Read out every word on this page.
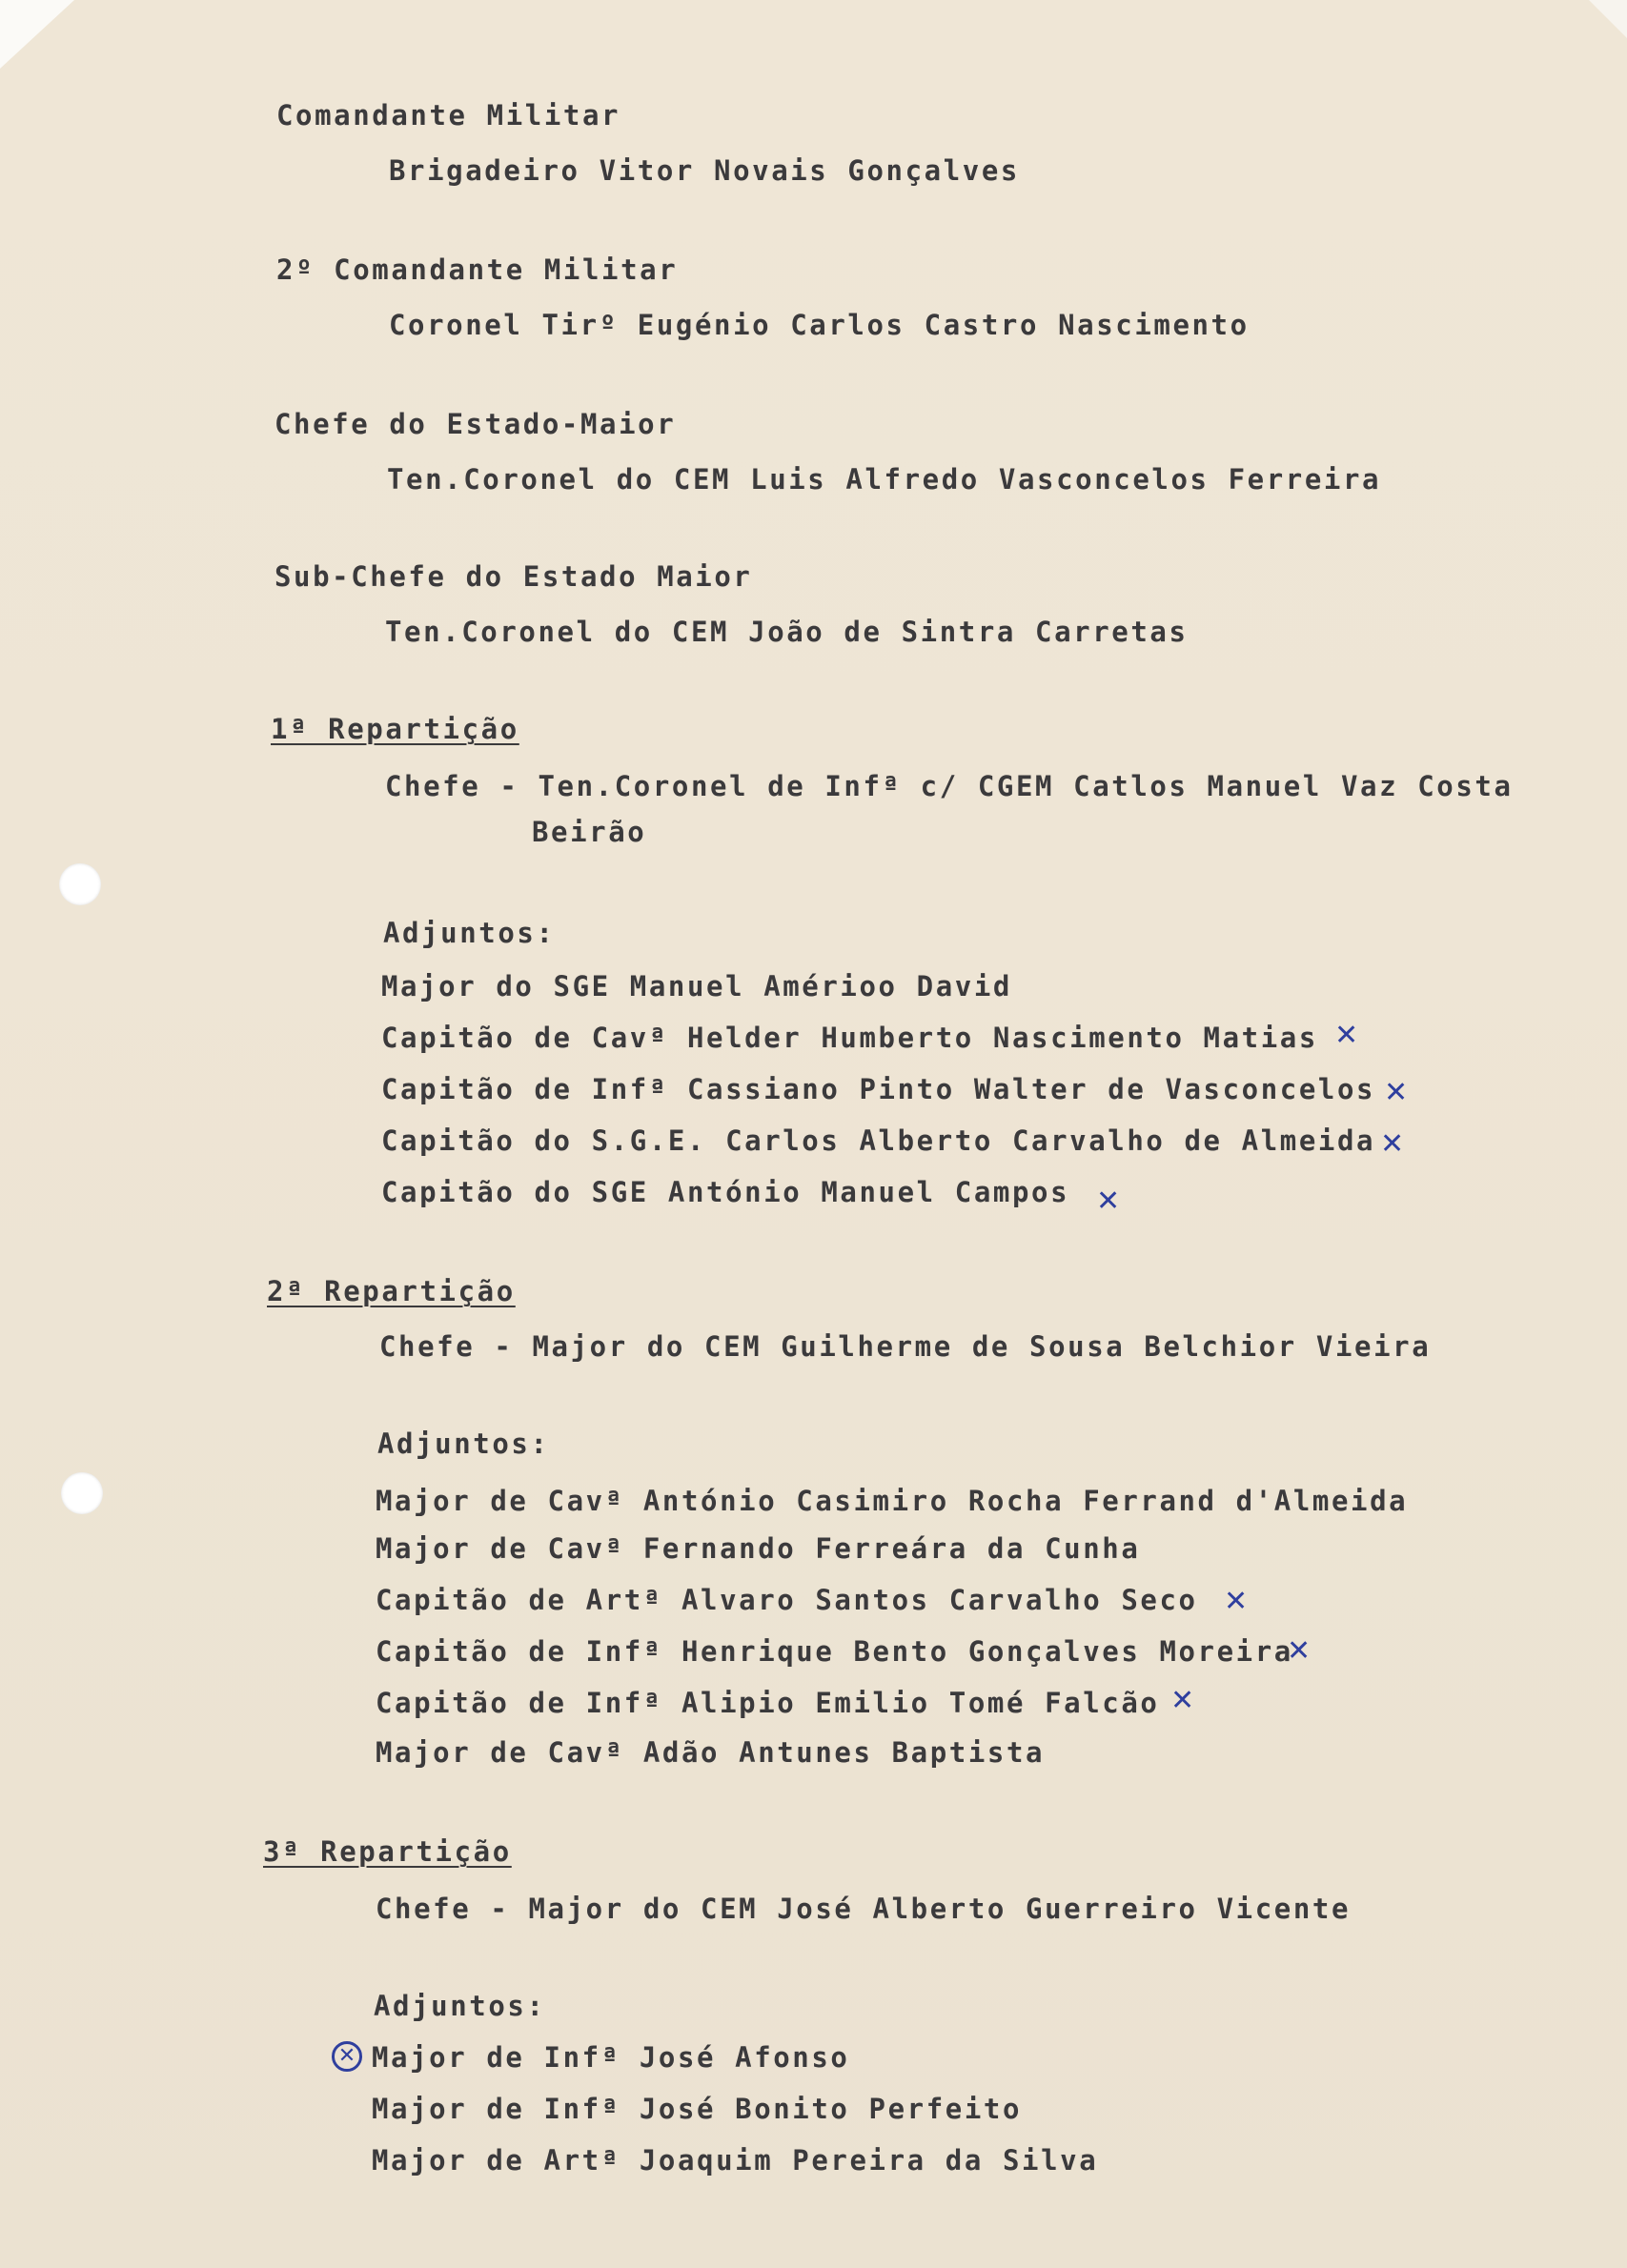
Comandante Militar
Brigadeiro Vitor Novais Gonçalves
2º Comandante Militar
Coronel Tirº Eugénio Carlos Castro Nascimento
Chefe do Estado-Maior
Ten.Coronel do CEM Luis Alfredo Vasconcelos Ferreira
Sub-Chefe do Estado Maior
Ten.Coronel do CEM João de Sintra Carretas
1ª Repartição
Chefe - Ten.Coronel de Infª c/ CGEM Catlos Manuel Vaz Costa
Beirão
Adjuntos:
Major do SGE Manuel Amérioo David
Capitão de Cavª Helder Humberto Nascimento Matias ✕
Capitão de Infª Cassiano Pinto Walter de Vasconcelos ✕
Capitão do S.G.E. Carlos Alberto Carvalho de Almeida ✕
Capitão do SGE António Manuel Campos ✕
2ª Repartição
Chefe - Major do CEM Guilherme de Sousa Belchior Vieira
Adjuntos:
Major de Cavª António Casimiro Rocha Ferrand d'Almeida
Major de Cavª Fernando Ferreára da Cunha
Capitão de Artª Alvaro Santos Carvalho Seco ✕
Capitão de Infª Henrique Bento Gonçalves Moreira
✕
Capitão de Infª Alipio Emilio Tomé Falcão ✕
Major de Cavª Adão Antunes Baptista
3ª Repartição
Chefe - Major do CEM José Alberto Guerreiro Vicente
Adjuntos:
✕ Major de Infª José Afonso
Major de Infª José Bonito Perfeito
Major de Artª Joaquim Pereira da Silva
